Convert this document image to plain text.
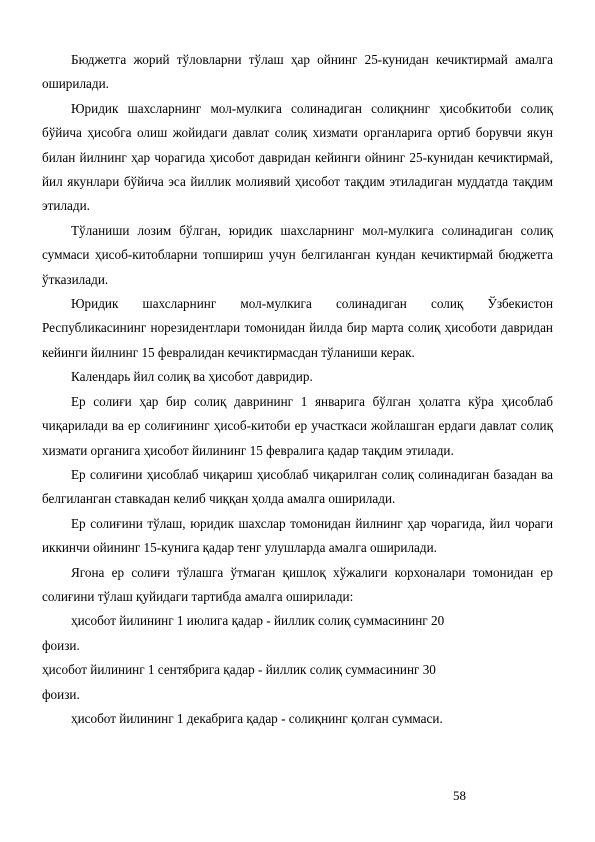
Бюджетга жорий тўловларни тўлаш ҳар ойнинг 25-кунидан кечиктирмай амалга оширилади.

Юридик шахсларнинг мол-мулкига солинадиган солиқнинг ҳисобкитоби солиқ бўйича ҳисобга олиш жойидаги давлат солиқ хизмати органларига ортиб борувчи якун билан йилнинг ҳар чорагида ҳисобот давридан кейинги ойнинг 25-кунидан кечиктирмай, йил якунлари бўйича эса йиллик молиявий ҳисобот тақдим этиладиган муддатда тақдим этилади.

Тўланиши лозим бўлган, юридик шахсларнинг мол-мулкига солинадиган солиқ суммаси ҳисоб-китобларни топшириш учун белгиланган кундан кечиктирмай бюджетга ўтказилади.

Юридик шахсларнинг мол-мулкига солинадиган солиқ Ўзбекистон Республикасининг норезидентлари томонидан йилда бир марта солиқ ҳисоботи давридан кейинги йилнинг 15 февралидан кечиктирмасдан тўланиши керак.

Календарь йил солиқ ва ҳисобот давридир.

Ер солиғи ҳар бир солиқ даврининг 1 январига бўлган ҳолатга кўра ҳисоблаб чиқарилади ва ер солиғининг ҳисоб-китоби ер участкаси жойлашган ердаги давлат солиқ хизмати органига ҳисобот йилининг 15 февралига қадар тақдим этилади.

Ер солиғини ҳисоблаб чиқариш ҳисоблаб чиқарилган солиқ солинадиган базадан ва белгиланган ставкадан келиб чиққан ҳолда амалга оширилади.

Ер солиғини тўлаш, юридик шахслар томонидан йилнинг ҳар чорагида, йил чораги иккинчи ойининг 15-кунига қадар тенг улушларда амалга оширилади.

Ягона ер солиғи тўлашга ўтмаган қишлоқ хўжалиги корхоналари томонидан ер солиғини тўлаш қуйидаги тартибда амалга оширилади:

ҳисобот йилининг 1 июлига қадар - йиллик солиқ суммасининг 20

фоизи.

ҳисобот йилининг 1 сентябрига қадар - йиллик солиқ суммасининг 30

фоизи.

ҳисобот йилининг 1 декабрига қадар - солиқнинг қолган суммаси.

58
